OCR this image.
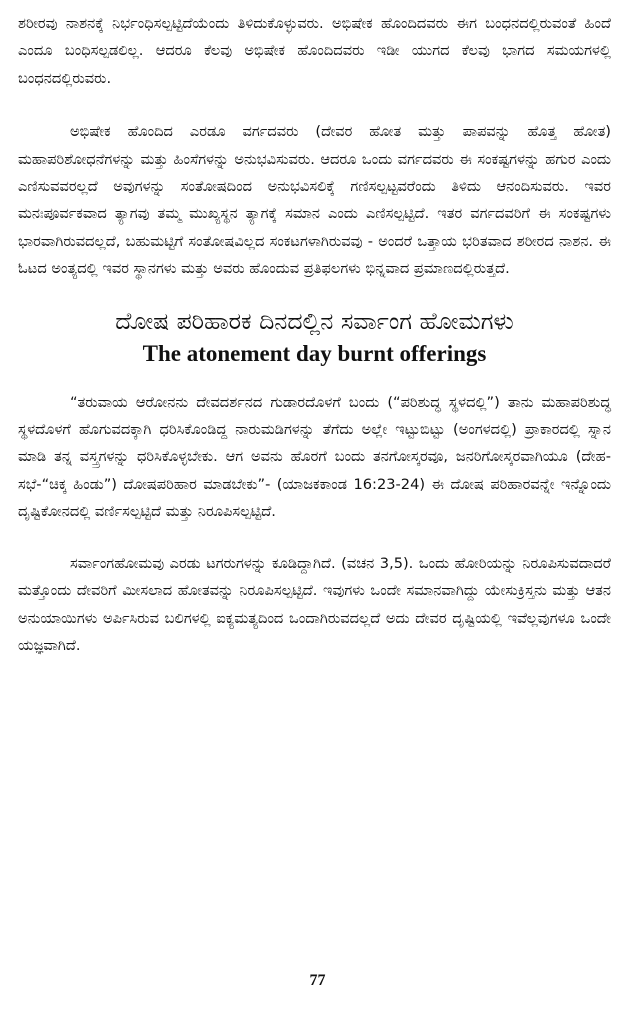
ಶರೀರವು ನಾಶನಕ್ಕೆ ನಿರ್ಭಂಧಿಸಲ್ಪಟ್ಟಿದೆಯೆಂದು ತಿಳಿದುಕೊಳ್ಳುವರು. ಅಭಿಷೇಕ ಹೊಂದಿದವರು ಈಗ ಬಂಧನದಲ್ಲಿರುವಂತೆ ಹಿಂದೆ ಎಂದೂ ಬಂಧಿಸಲ್ಪಡಲಿಲ್ಲ. ಆದರೂ ಕೆಲವು ಅಭಿಷೇಕ ಹೊಂದಿದವರು ಇಡೀ ಯುಗದ ಕೆಲವು ಭಾಗದ ಸಮಯಗಳಲ್ಲಿ ಬಂಧನದಲ್ಲಿರುವರು.

ಅಭಿಷೇಕ ಹೊಂದಿದ ಎರಡೂ ವರ್ಗದವರು (ದೇವರ ಹೋತ ಮತ್ತು ಪಾಪವನ್ನು ಹೊತ್ತ ಹೋತ) ಮಹಾಪರಿಶೋಧನೆಗಳನ್ನು ಮತ್ತು ಹಿಂಸೆಗಳನ್ನು ಅನುಭವಿಸುವರು. ಆದರೂ ಒಂದು ವರ್ಗದವರು ಈ ಸಂಕಷ್ಟಗಳನ್ನು ಹಗುರ ಎಂದು ಎಣಿಸುವವರಲ್ಲದೆ ಅವುಗಳನ್ನು ಸಂತೋಷದಿಂದ ಅನುಭವಿಸಲಿಕ್ಕೆ ಗಣಿಸಲ್ಪಟ್ಟವರೆಂದು ತಿಳಿದು ಆನಂದಿಸುವರು. ಇವರ ಮನಃಪೂರ್ವಕವಾದ ತ್ಯಾಗವು ತಮ್ಮ ಮುಖ್ಯಸ್ಥನ ತ್ಯಾಗಕ್ಕೆ ಸಮಾನ ಎಂದು ಎಣಿಸಲ್ಪಟ್ಟಿದೆ. ಇತರ ವರ್ಗದವರಿಗೆ ಈ ಸಂಕಷ್ಟಗಳು ಭಾರವಾಗಿರುವದಲ್ಲದೆ, ಬಹುಮಟ್ಟಿಗೆ ಸಂತೋಷವಿಲ್ಲದ ಸಂಕಟಗಳಾಗಿರುವವು - ಅಂದರೆ ಒತ್ತಾಯ ಭರಿತವಾದ ಶರೀರದ ನಾಶನ. ಈ ಓಟದ ಅಂತ್ಯದಲ್ಲಿ ಇವರ ಸ್ಥಾನಗಳು ಮತ್ತು ಅವರು ಹೊಂದುವ ಪ್ರತಿಫಲಗಳು ಭಿನ್ನವಾದ ಪ್ರಮಾಣದಲ್ಲಿರುತ್ತದೆ.

ದೋಷ ಪರಿಹಾರಕ ದಿನದಲ್ಲಿನ ಸರ್ವಾಂಗ ಹೋಮಗಳು
The atonement day burnt offerings

“ತರುವಾಯ ಆರೋನನು ದೇವದರ್ಶನದ ಗುಡಾರದೊಳಗೆ ಬಂದು (“ಪರಿಶುದ್ಧ ಸ್ಥಳದಲ್ಲಿ”) ತಾನು ಮಹಾಪರಿಶುದ್ಧ ಸ್ಥಳದೊಳಗೆ ಹೊಗುವದಕ್ಕಾಗಿ ಧರಿಸಿಕೊಂಡಿದ್ದ ನಾರುಮಡಿಗಳನ್ನು ತೆಗೆದು ಅಲ್ಲೇ ಇಟ್ಟುಬಿಟ್ಟು (ಅಂಗಳದಲ್ಲಿ) ಪ್ರಾಕಾರದಲ್ಲಿ ಸ್ನಾನ ಮಾಡಿ ತನ್ನ ವಸ್ತ್ರಗಳನ್ನು ಧರಿಸಿಕೊಳ್ಳಬೇಕು. ಆಗ ಅವನು ಹೊರಗೆ ಬಂದು ತನಗೋಸ್ಕರವೂ, ಜನರಿಗೋಸ್ಕರವಾಗಿಯೂ (ದೇಹ-ಸಭೆ-“ಚಿಕ್ಕ ಹಿಂಡು”) ದೋಷಪರಿಹಾರ ಮಾಡಬೇಕು”- (ಯಾಜಕಕಾಂಡ 16:23-24) ಈ ದೋಷ ಪರಿಹಾರವನ್ನೇ ಇನ್ನೊಂದು ದೃಷ್ಟಿಕೋನದಲ್ಲಿ ವರ್ಣಿಸಲ್ಪಟ್ಟಿದೆ ಮತ್ತು ನಿರೂಪಿಸಲ್ಪಟ್ಟಿದೆ.

ಸರ್ವಾಂಗಹೋಮವು ಎರಡು ಟಗರುಗಳನ್ನು ಕೂಡಿದ್ದಾಗಿದೆ. (ವಚನ 3,5). ಒಂದು ಹೋರಿಯನ್ನು ನಿರೂಪಿಸುವದಾದರೆ ಮತ್ತೊಂದು ದೇವರಿಗೆ ಮೀಸಲಾದ ಹೋತವನ್ನು ನಿರೂಪಿಸಲ್ಪಟ್ಟಿದೆ. ಇವುಗಳು ಒಂದೇ ಸಮಾನವಾಗಿದ್ದು ಯೇಸುಕ್ರಿಸ್ತನು ಮತ್ತು ಆತನ ಅನುಯಾಯಿಗಳು ಅರ್ಪಿಸಿರುವ ಬಲಿಗಳಲ್ಲಿ ಐಕ್ಯಮತ್ಯದಿಂದ ಒಂದಾಗಿರುವದಲ್ಲದೆ ಅದು ದೇವರ ದೃಷ್ಟಿಯಲ್ಲಿ ಇವೆಲ್ಲವುಗಳೂ ಒಂದೇ ಯಜ್ಞವಾಗಿದೆ.

77
